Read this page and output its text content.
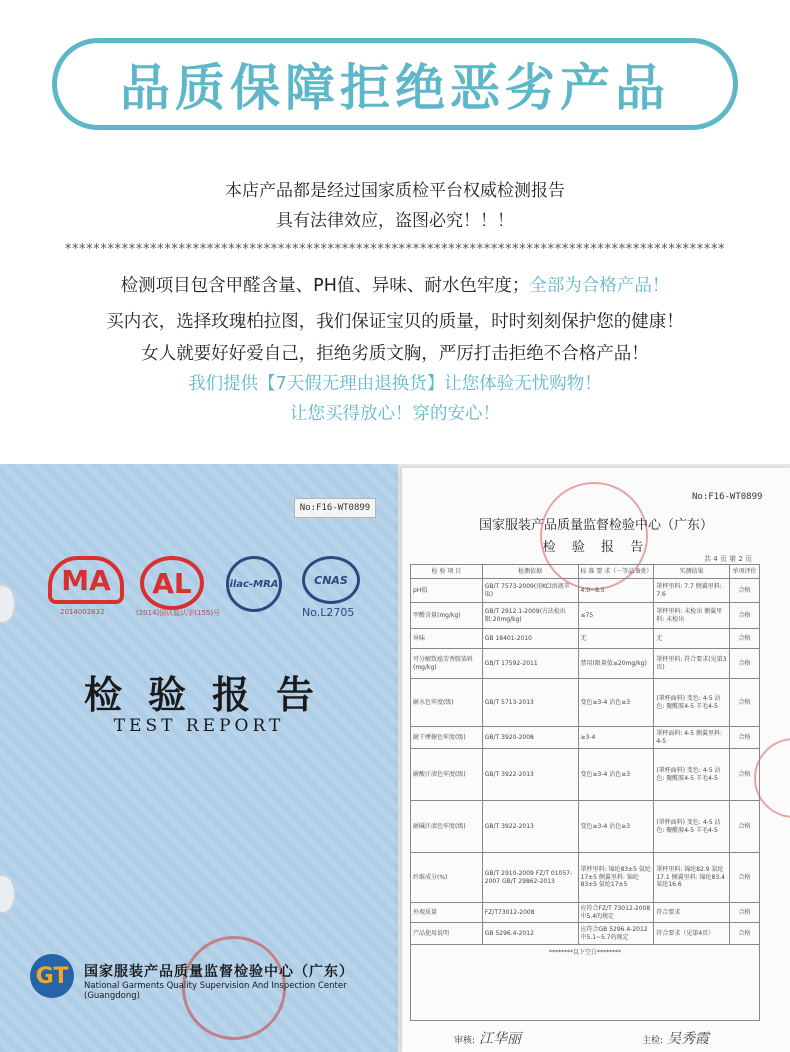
品质保障拒绝恶劣产品
本店产品都是经过国家质检平台权威检测报告
具有法律效应，盗图必究！！！
*********************************************************************************************
检测项目包含甲醛含量、PH值、异味、耐水色牢度；全部为合格产品！
买内衣，选择玫瑰柏拉图，我们保证宝贝的质量，时时刻刻保护您的健康！
女人就要好好爱自己，拒绝劣质文胸，严厉打击拒绝不合格产品！
我们提供【7天假无理由退换货】让您体验无忧购物！
让您买得放心！穿的安心！
No:F16-WT0899
MA	AL	ilac-MRA	CNAS
2014002832	(2014)国认监认字(155)号	No.L2705
检验报告
TEST REPORT
GT	国家服装产品质量监督检验中心（广东）
National Garments Quality Supervision And Inspection Center (Guangdong)
No:F16-WT0899
国家服装产品质量监督检验中心（广东）
检 验 报 告
共 4 页 第 2 页
检 验 项 目	检测依据	标 准 要 求（一等品 B类）	实测结果	单项评价
pH值	GB/T 7573-2009(用KCl溶液萃取)	4.0~8.5	罩杯里料: 7.7 侧翼里料: 7.6	合格
甲醛含量(mg/kg)	GB/T 2912.1-2009(方法检出限:20mg/kg)	≤75	罩杯里料: 未检出 侧翼里料: 未检出	合格
异味	GB 18401-2010	无	无	合格
可分解致癌芳香胺染料(mg/kg)	GB/T 17592-2011	禁用(限量值≤20mg/kg)	罩杯里料: 符合要求(见第3页)	合格
耐水色牢度(级)	GB/T 5713-2013	变色≥3-4 沾色≥3	(罩杯面料) 变色: 4-5 沾色: 聚酰胺4-5 羊毛4-5	合格
耐干摩擦色牢度(级)	GB/T 3920-2008	≥3-4	罩杯面料: 4-5 侧翼里料: 4-5	合格
耐酸汗渍色牢度(级)	GB/T 3922-2013	变色≥3-4 沾色≥3	(罩杯面料) 变色: 4-5 沾色: 聚酰胺4-5 羊毛4-5	合格
耐碱汗渍色牢度(级)	GB/T 3922-2013	变色≥3-4 沾色≥3	(罩杯面料) 变色: 4-5 沾色: 聚酰胺4-5 羊毛4-5	合格
纤维成分(%)	GB/T 2910-2009 FZ/T 01057-2007 GB/T 29862-2013	罩杯里料: 锦纶83±5 氨纶17±5 侧翼里料: 锦纶83±5 氨纶17±5	罩杯里料: 锦纶82.9 氨纶17.1 侧翼里料: 锦纶83.4 氨纶16.6	合格
外观质量	FZ/T73012-2008	应符合FZ/T 73012-2008中5.4的规定	符合要求	合格
产品使用说明	GB 5296.4-2012	应符合GB 5296.4-2012中5.1~5.7的规定	符合要求（见第4页）	合格
********以下空白********				
审核: 江华丽	主检: 吴秀霞
